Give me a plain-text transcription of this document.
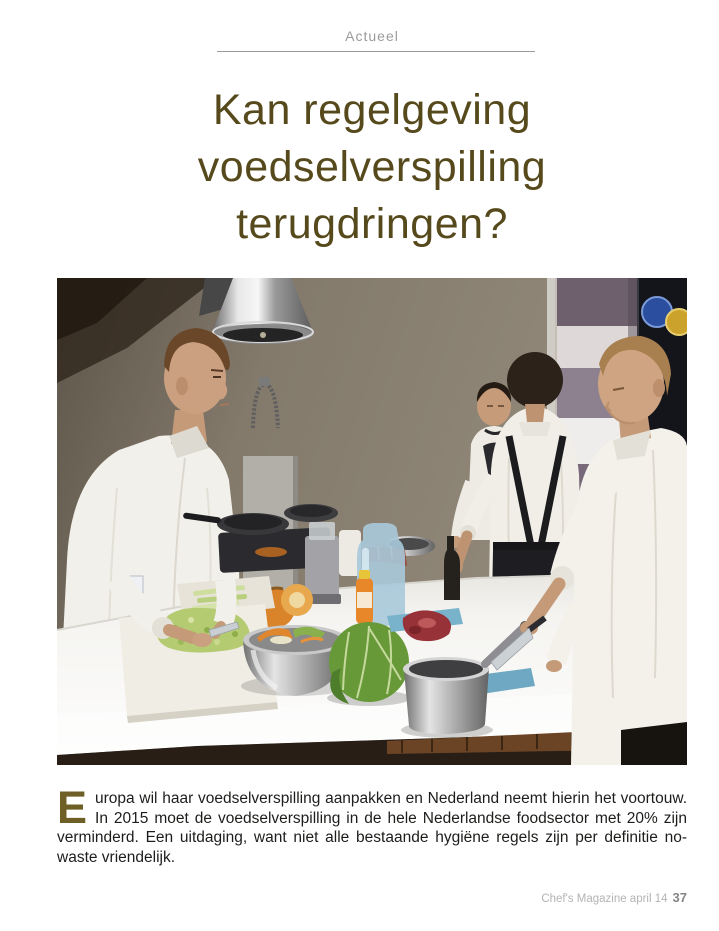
Actueel
Kan regelgeving
voedselverspilling
terugdringen?

Europa wil haar voedselverspilling aanpakken en Nederland neemt hierin het voortouw. In 2015 moet de voedselverspilling in de hele Nederlandse foodsector met 20% zijn verminderd. Een uitdaging, want niet alle bestaande hygiëne regels zijn per definitie no-waste vriendelijk.

Chef's Magazine april 14 37
